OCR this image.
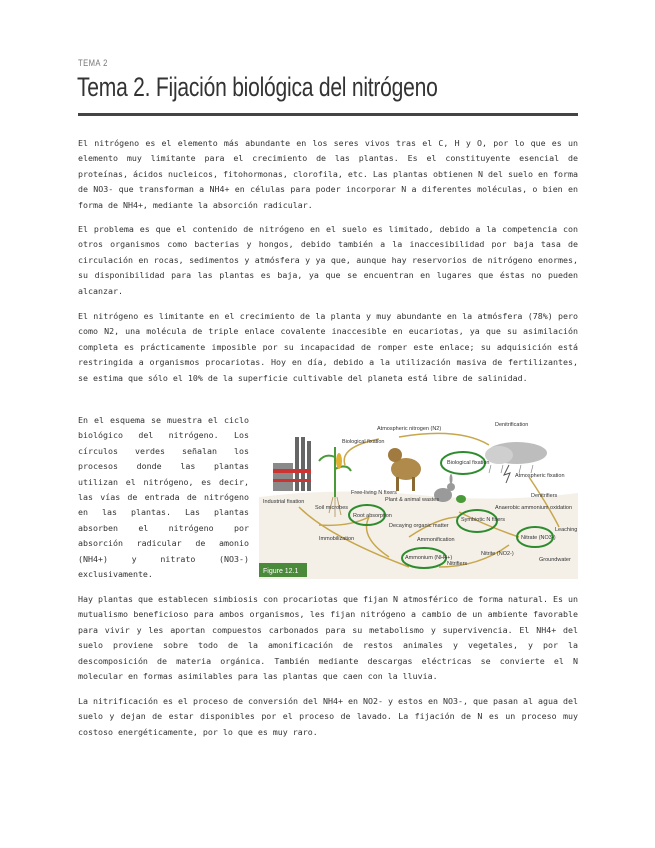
TEMA 2
Tema 2. Fijación biológica del nitrógeno

El nitrógeno es el elemento más abundante en los seres vivos tras el C, H y O, por lo que es un elemento muy limitante para el crecimiento de las plantas. Es el constituyente esencial de proteínas, ácidos nucleicos, fitohormonas, clorofila, etc. Las plantas obtienen N del suelo en forma de NO3- que transforman a NH4+ en células para poder incorporar N a diferentes moléculas, o bien en forma de NH4+, mediante la absorción radicular.

El problema es que el contenido de nitrógeno en el suelo es limitado, debido a la competencia con otros organismos como bacterias y hongos, debido también a la inaccesibilidad por baja tasa de circulación en rocas, sedimentos y atmósfera y ya que, aunque hay reservorios de nitrógeno enormes, su disponibilidad para las plantas es baja, ya que se encuentran en lugares que éstas no pueden alcanzar.

El nitrógeno es limitante en el crecimiento de la planta y muy abundante en la atmósfera (78%) pero como N2, una molécula de triple enlace covalente inaccesible en eucariotas, ya que su asimilación completa es prácticamente imposible por su incapacidad de romper este enlace; su adquisición está restringida a organismos procariotas. Hoy en día, debido a la utilización masiva de fertilizantes, se estima que sólo el 10% de la superficie cultivable del planeta está libre de salinidad.

En el esquema se muestra el ciclo biológico del nitrógeno. Los círculos verdes señalan los procesos donde las plantas utilizan el nitrógeno, es decir, las vías de entrada de nitrógeno en las plantas. Las plantas absorben el nitrógeno por absorción radicular de amonio (NH4+) y nitrato (NO3-) exclusivamente.

Atmospheric nitrogen (N2)
Denitrification
Biological fixation
Biological fixation
Atmospheric fixation
Industrial fixation
Free-living N fixers
Plant & animal wastes
Soil microbes
Root absorption
Decaying organic matter
Symbiotic N fixers
Anaerobic ammonium oxidation
Denitrifiers
Leaching
Nitrate (NO3-)
Immobilization	Ammonification
Ammonium (NH4+)
Nitrifiers
Nitrite (NO2-)
Groundwater
Figure 12.1

Hay plantas que establecen simbiosis con procariotas que fijan N atmosférico de forma natural. Es un mutualismo beneficioso para ambos organismos, les fijan nitrógeno a cambio de un ambiente favorable para vivir y les aportan compuestos carbonados para su metabolismo y supervivencia. El NH4+ del suelo proviene sobre todo de la amonificación de restos animales y vegetales, y por la descomposición de materia orgánica. También mediante descargas eléctricas se convierte el N molecular en formas asimilables para las plantas que caen con la lluvia.

La nitrificación es el proceso de conversión del NH4+ en NO2- y estos en NO3-, que pasan al agua del suelo y dejan de estar disponibles por el proceso de lavado. La fijación de N es un proceso muy costoso energéticamente, por lo que es muy raro.
